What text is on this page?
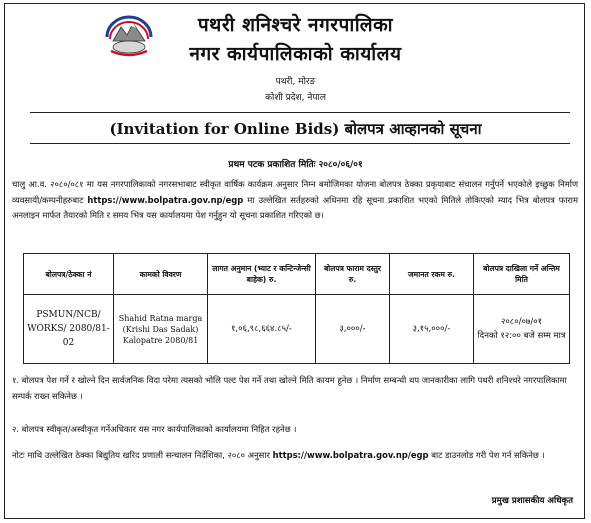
पथरी शनिश्चरे नगरपालिका
नगर कार्यपालिकाको कार्यालय
पथरी, मोरङ
कोशी प्रदेश, नेपाल
(Invitation for Online Bids) बोलपत्र आव्हानको सूचना
प्रथम पटक प्रकाशित मितिः २०८०/०६/०१
चालु आ.व. २०८०/०८१ मा यस नगरपालिकाको नगरसभाबाट स्वीकृत वार्षिक कार्यक्रम अनुसार निम्न बमोजिमका योजना बोलपत्र ठेक्का प्रकृयाबाट संचालन गर्नुपर्ने भएकोले इच्छुक निर्माण व्यवसायी/कम्पनीहरुबाट https://www.bolpatra.gov.np/egp मा उल्लेखित सर्तहरुको अधिनमा रहि सूचना प्रकाशित भएको मितिले तोकिएको म्याद भित्र बोलपत्र फाराम अनलाइन मार्फत तैयारको मिति र समय भित्र यस कार्यालयमा पेश गर्नुहुन यो सूचना प्रकाशित गरिएको छ।
बोलपत्र/ठेक्का नं	कामको विवरण	लागत अनुमान (भ्याट र कन्टिन्जेन्सी बाहेक) रु.	बोलपत्र फाराम दस्तुर रु.	जमानत रकम रु.	बोलपत्र दाखिला गर्ने अन्तिम मिति
PSMUN/NCB/ WORKS/ 2080/81-02	Shahid Ratna marga (Krishi Das Sadak) Kalopatre 2080/81	१,०६,९८,६६४.८५/-	३,०००/-	३,१५,०००/-	२०८०/०७/०१
दिनको १२:०० बजे सम्म मात्र
१. बोलपत्र पेश गर्ने र खोल्ने दिन सार्वजनिक विदा परेमा त्यसको भोलि पल्ट पेश गर्ने तथा खोल्ने मिति कायम हुनेछ । निर्माण सम्बन्धी थप जानकारीका लागि पथरी शनिश्चरे नगरपालिकामा सम्पर्क राख्न सकिनेछ ।
२. बोलपत्र स्वीकृत/अस्वीकृत गर्नेअधिकार यस नगर कार्यपालिकाको कार्यालयमा निहित रहनेछ ।
नोटः माथि उल्लेखित ठेक्का बिद्युतिय खरिद प्रणाली सन्चालन निर्देशिका, २०८० अनुसार https://www.bolpatra.gov.np/egp बाट डाउनलोड गरी पेश गर्न सकिनेछ ।
प्रमुख प्रशासकीय अधिकृत
